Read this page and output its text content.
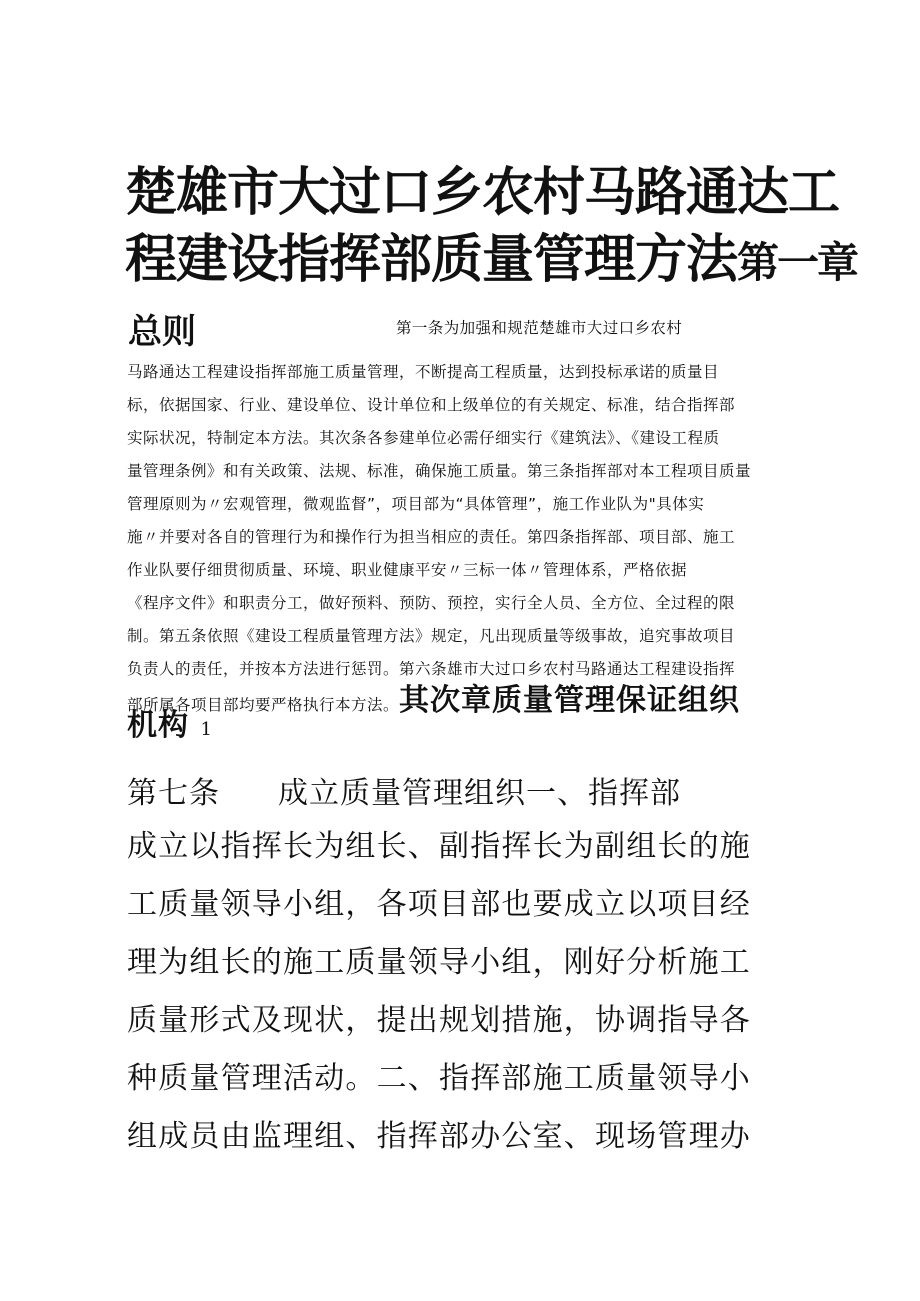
楚雄市大过口乡农村马路通达工
程建设指挥部质量管理方法第一章
总则	第一条为加强和规范楚雄市大过口乡农村
马路通达工程建设指挥部施工质量管理，不断提高工程质量，达到投标承诺的质量目
标，依据国家、行业、建设单位、设计单位和上级单位的有关规定、标准，结合指挥部
实际状况，特制定本方法。其次条各参建单位必需仔细实行《建筑法》、《建设工程质
量管理条例》和有关政策、法规、标准，确保施工质量。第三条指挥部对本工程项目质量
管理原则为〃宏观管理，微观监督”，项目部为“具体管理”，施工作业队为"具体实
施〃并要对各自的管理行为和操作行为担当相应的责任。第四条指挥部、项目部、施工
作业队要仔细贯彻质量、环境、职业健康平安〃三标一体〃管理体系，严格依据
《程序文件》和职责分工，做好预料、预防、预控，实行全人员、全方位、全过程的限
制。第五条依照《建设工程质量管理方法》规定，凡出现质量等级事故，追究事故项目
负责人的责任，并按本方法进行惩罚。第六条雄市大过口乡农村马路通达工程建设指挥
部所属各项目部均要严格执行本方法。其次章质量管理保证组织
机构 1
第七条 成立质量管理组织一、指挥部
成立以指挥长为组长、副指挥长为副组长的施
工质量领导小组，各项目部也要成立以项目经
理为组长的施工质量领导小组，刚好分析施工
质量形式及现状，提出规划措施，协调指导各
种质量管理活动。二、指挥部施工质量领导小
组成员由监理组、指挥部办公室、现场管理办
